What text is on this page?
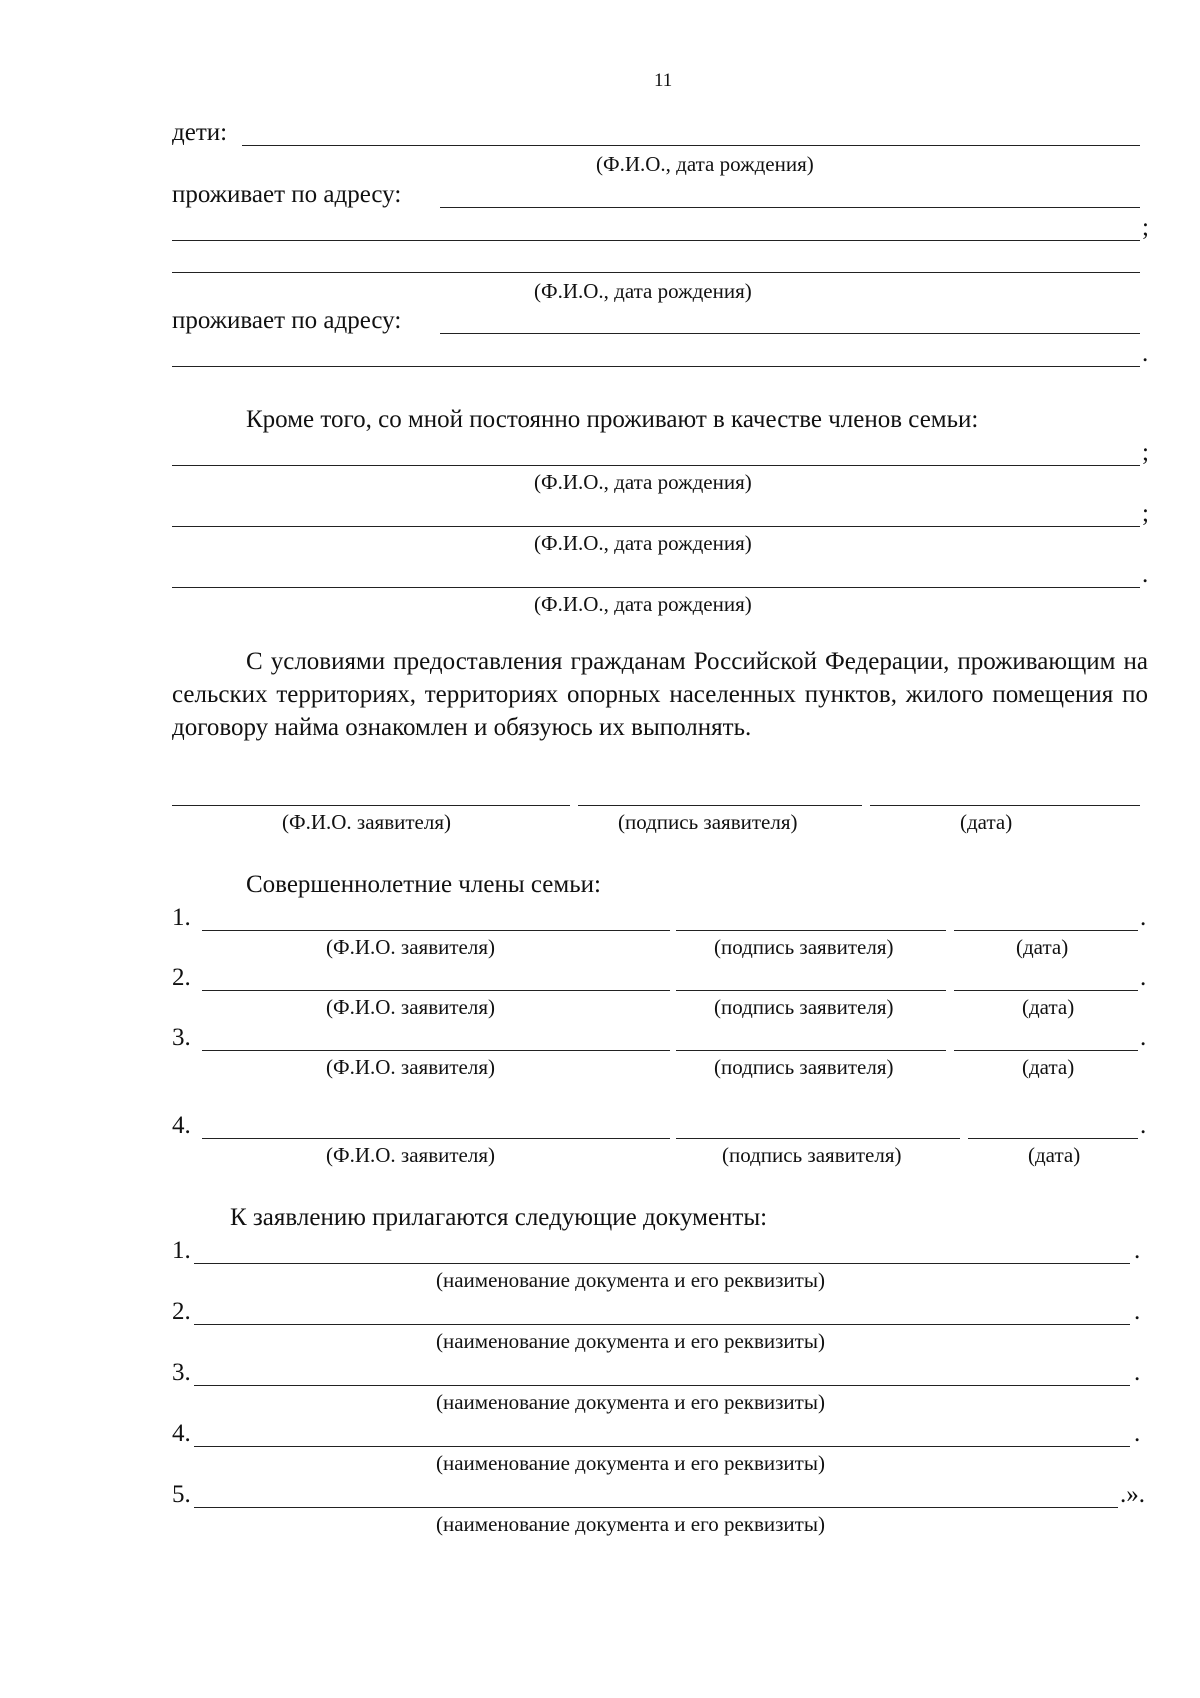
11
дети:
(Ф.И.О., дата рождения)
проживает по адресу:
;
(Ф.И.О., дата рождения)
проживает по адресу:
.
Кроме того, со мной постоянно проживают в качестве членов семьи:
;
(Ф.И.О., дата рождения)
;
(Ф.И.О., дата рождения)
.
(Ф.И.О., дата рождения)
С условиями предоставления гражданам Российской Федерации, проживающим на сельских территориях, территориях опорных населенных пунктов, жилого помещения по договору найма ознакомлен и обязуюсь их выполнять.
(Ф.И.О. заявителя)	(подпись заявителя)	(дата)
Совершеннолетние члены семьи:
1.	.
(Ф.И.О. заявителя)	(подпись заявителя)	(дата)
2.	.
(Ф.И.О. заявителя)	(подпись заявителя)	(дата)
3.	.
(Ф.И.О. заявителя)	(подпись заявителя)	(дата)
4.	.
(Ф.И.О. заявителя)	(подпись заявителя)	(дата)
К заявлению прилагаются следующие документы:
1.	.
(наименование документа и его реквизиты)
2.	.
(наименование документа и его реквизиты)
3.	.
(наименование документа и его реквизиты)
4.	.
(наименование документа и его реквизиты)
5.	.».
(наименование документа и его реквизиты)
